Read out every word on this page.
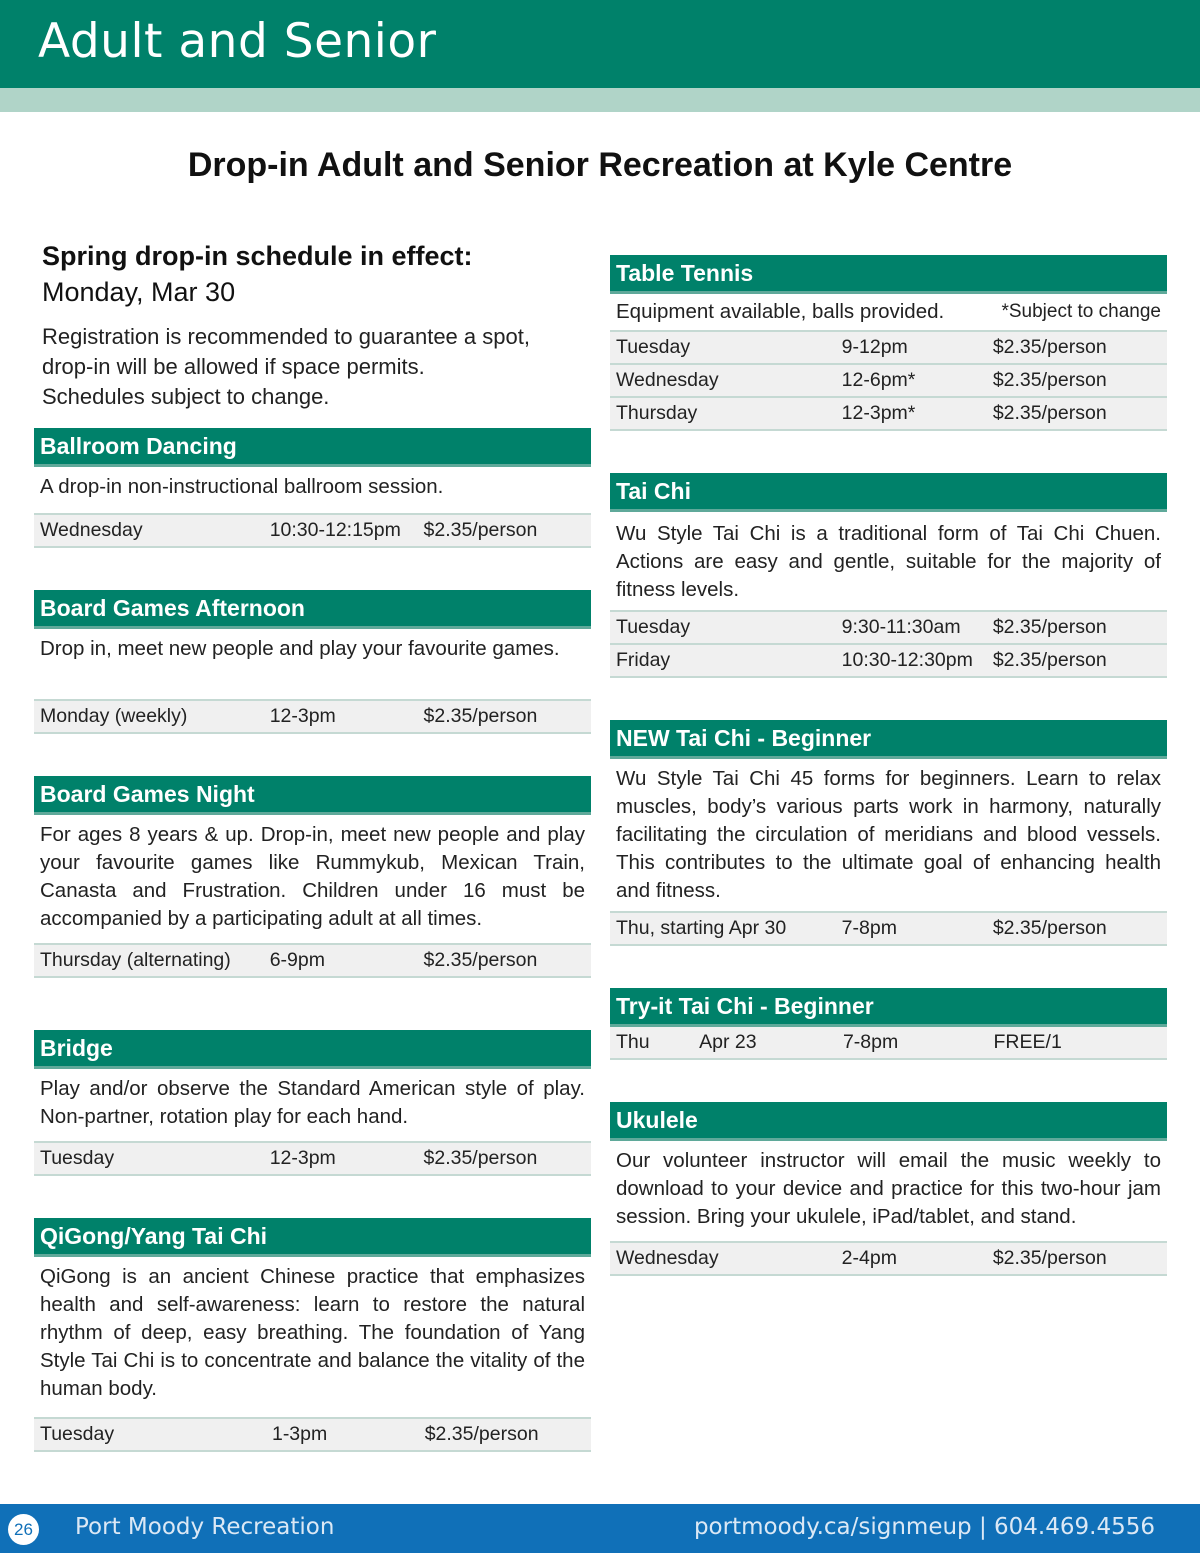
Adult and Senior
Drop-in Adult and Senior Recreation at Kyle Centre
Spring drop-in schedule in effect:
Monday, Mar 30
Registration is recommended to guarantee a spot,
drop-in will be allowed if space permits.
Schedules subject to change.
Ballroom Dancing
A drop-in non-instructional ballroom session.
Wednesday	10:30-12:15pm	$2.35/person
Board Games Afternoon
Drop in, meet new people and play your favourite games.
Monday (weekly)	12-3pm	$2.35/person
Board Games Night
For ages 8 years & up. Drop-in, meet new people and play your favourite games like Rummykub, Mexican Train, Canasta and Frustration. Children under 16 must be accompanied by a participating adult at all times.
Thursday (alternating)	6-9pm	$2.35/person
Bridge
Play and/or observe the Standard American style of play. Non-partner, rotation play for each hand.
Tuesday	12-3pm	$2.35/person
QiGong/Yang Tai Chi
QiGong is an ancient Chinese practice that emphasizes health and self-awareness: learn to restore the natural rhythm of deep, easy breathing. The foundation of Yang Style Tai Chi is to concentrate and balance the vitality of the human body.
Tuesday	1-3pm	$2.35/person
Table Tennis
Equipment available, balls provided.	*Subject to change
Tuesday	9-12pm	$2.35/person
Wednesday	12-6pm*	$2.35/person
Thursday	12-3pm*	$2.35/person
Tai Chi
Wu Style Tai Chi is a traditional form of Tai Chi Chuen. Actions are easy and gentle, suitable for the majority of fitness levels.
Tuesday	9:30-11:30am	$2.35/person
Friday	10:30-12:30pm	$2.35/person
NEW Tai Chi - Beginner
Wu Style Tai Chi 45 forms for beginners. Learn to relax muscles, body’s various parts work in harmony, naturally facilitating the circulation of meridians and blood vessels. This contributes to the ultimate goal of enhancing health and fitness.
Thu, starting Apr 30	7-8pm	$2.35/person
Try-it Tai Chi - Beginner
Thu	Apr 23	7-8pm	FREE/1
Ukulele
Our volunteer instructor will email the music weekly to download to your device and practice for this two-hour jam session. Bring your ukulele, iPad/tablet, and stand.
Wednesday	2-4pm	$2.35/person
26 Port Moody Recreation	portmoody.ca/signmeup | 604.469.4556
